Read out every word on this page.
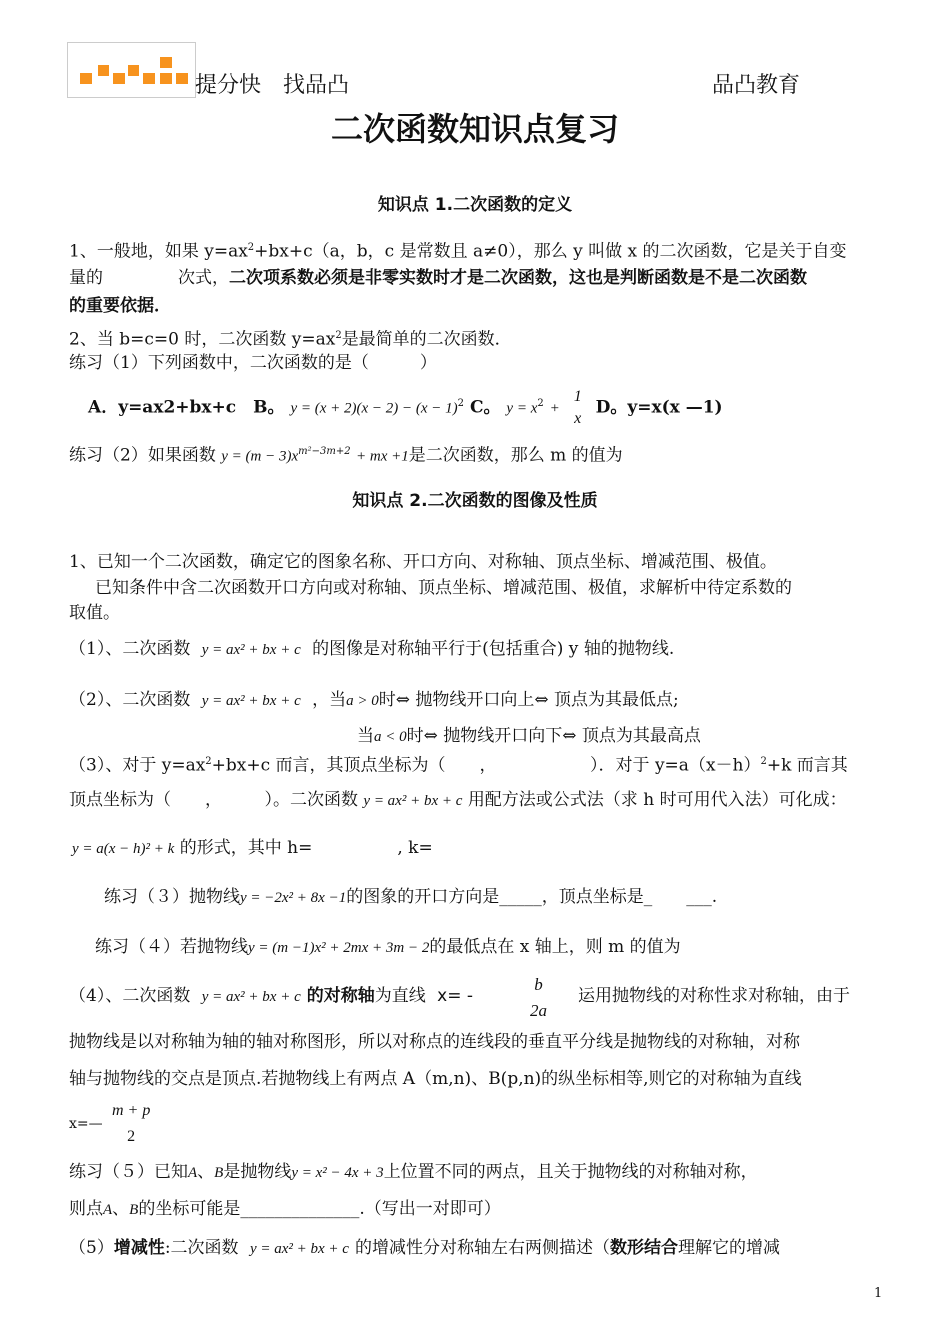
提分快　找品凸	品凸教育
二次函数知识点复习
知识点 1.二次函数的定义
1、一般地，如果 $y=ax^2+bx+c(a$，b，c 是常数且 a≠0），那么 y 叫做 x 的二次函数，它是关于自变
量的	次式，二次项系数必须是非零实数时才是二次函数，这也是判断函数是不是二次函数
的重要依据．
2、当 b=c=0 时，二次函数 $y=ax^2$是最简单的二次函数．
练习（1）下列函数中，二次函数的是（　　　）
A．y=ax2+bx+c　B。 $y = (x + 2)(x - 2) - (x - 1)^2$ C。 $y = x^2$ +
1
x
D。y=x(x —1)
练习（2）如果函数 $y = (m - 3)x^{m^2-3m+2}$ + mx +1是二次函数，那么 m 的值为
知识点 2.二次函数的图像及性质
1、已知一个二次函数，确定它的图象名称、开口方向、对称轴、顶点坐标、增减范围、极值。
已知条件中含二次函数开口方向或对称轴、顶点坐标、增减范围、极值，求解析中待定系数的
取值。
（1）、二次函数 y = ax² + bx + c 的图像是对称轴平行于(包括重合) y 轴的抛物线.
（2）、二次函数 y = ax² + bx + c ，当a > 0时⇔ 抛物线开口向上⇔ 顶点为其最低点;
当a < 0时⇔ 抛物线开口向下⇔ 顶点为其最高点
（3）、对于 $y=ax^2+bx+c$ 而言，其顶点坐标为（　　，　　　　　　）．对于 $y=a(x-h)^2+k$ 而言其
顶点坐标为（　　，　　　）。二次函数 y = ax² + bx + c 用配方法或公式法（求 h 时可用代入法）可化成：
y = a(x − h)² + k 的形式，其中 h=　　　　　, k=
练习（３）抛物线y = −2x² + 8x −1的图象的开口方向是_____，顶点坐标是_　　___.
练习（４）若抛物线y = (m −1)x² + 2mx + 3m − 2的最低点在 x 轴上，则 m 的值为
（4）、二次函数 y = ax² + bx + c 的对称轴为直线 x= -
b
2a
运用抛物线的对称性求对称轴，由于
抛物线是以对称轴为轴的轴对称图形，所以对称点的连线段的垂直平分线是抛物线的对称轴，对称
轴与抛物线的交点是顶点.若抛物线上有两点 A（m,n)、B(p,n)的纵坐标相等,则它的对称轴为直线
x=—
m + p
2
练习（５）已知A、B是抛物线y = x² − 4x + 3上位置不同的两点，且关于抛物线的对称轴对称，
则点A、B的坐标可能是______________.（写出一对即可）
（5）增减性:二次函数 y = ax² + bx + c 的增减性分对称轴左右两侧描述（数形结合理解它的增减
1
